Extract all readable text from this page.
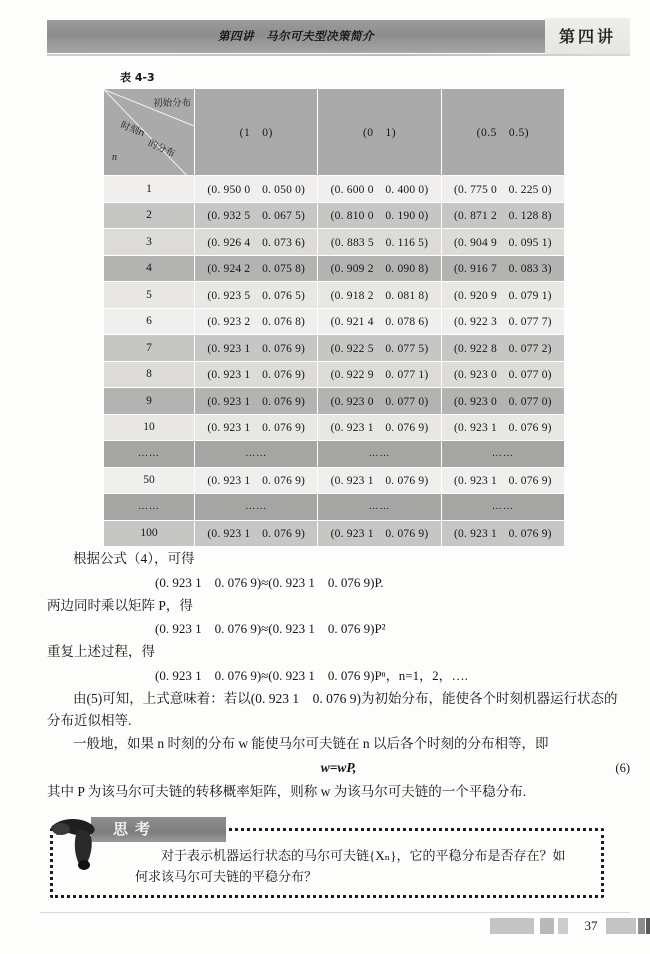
第四讲　马尔可夫型决策简介	第四讲
表 4-3
初始分布
时刻n
的分布
n	(1　0)	(0　1)	(0.5　0.5)
1	(0. 950 0　0. 050 0)	(0. 600 0　0. 400 0)	(0. 775 0　0. 225 0)
2	(0. 932 5　0. 067 5)	(0. 810 0　0. 190 0)	(0. 871 2　0. 128 8)
3	(0. 926 4　0. 073 6)	(0. 883 5　0. 116 5)	(0. 904 9　0. 095 1)
4	(0. 924 2　0. 075 8)	(0. 909 2　0. 090 8)	(0. 916 7　0. 083 3)
5	(0. 923 5　0. 076 5)	(0. 918 2　0. 081 8)	(0. 920 9　0. 079 1)
6	(0. 923 2　0. 076 8)	(0. 921 4　0. 078 6)	(0. 922 3　0. 077 7)
7	(0. 923 1　0. 076 9)	(0. 922 5　0. 077 5)	(0. 922 8　0. 077 2)
8	(0. 923 1　0. 076 9)	(0. 922 9　0. 077 1)	(0. 923 0　0. 077 0)
9	(0. 923 1　0. 076 9)	(0. 923 0　0. 077 0)	(0. 923 0　0. 077 0)
10	(0. 923 1　0. 076 9)	(0. 923 1　0. 076 9)	(0. 923 1　0. 076 9)
……	……	……	……
50	(0. 923 1　0. 076 9)	(0. 923 1　0. 076 9)	(0. 923 1　0. 076 9)
……	……	……	……
100	(0. 923 1　0. 076 9)	(0. 923 1　0. 076 9)	(0. 923 1　0. 076 9)

根据公式（4），可得

(0. 923 1　0. 076 9)≈(0. 923 1　0. 076 9)P.

两边同时乘以矩阵 P，得

(0. 923 1　0. 076 9)≈(0. 923 1　0. 076 9)P²

重复上述过程，得

(0. 923 1　0. 076 9)≈(0. 923 1　0. 076 9)Pⁿ，n=1，2，….

由(5)可知，上式意味着：若以(0. 923 1　0. 076 9)为初始分布，能使各个时刻机器运行状态的分布近似相等.

一般地，如果 n 时刻的分布 w 能使马尔可夫链在 n 以后各个时刻的分布相等，即

w=wP,	(6)

其中 P 为该马尔可夫链的转移概率矩阵，则称 w 为该马尔可夫链的一个平稳分布.

思考

对于表示机器运行状态的马尔可夫链{Xₙ}，它的平稳分布是否存在？如

何求该马尔可夫链的平稳分布？

37
